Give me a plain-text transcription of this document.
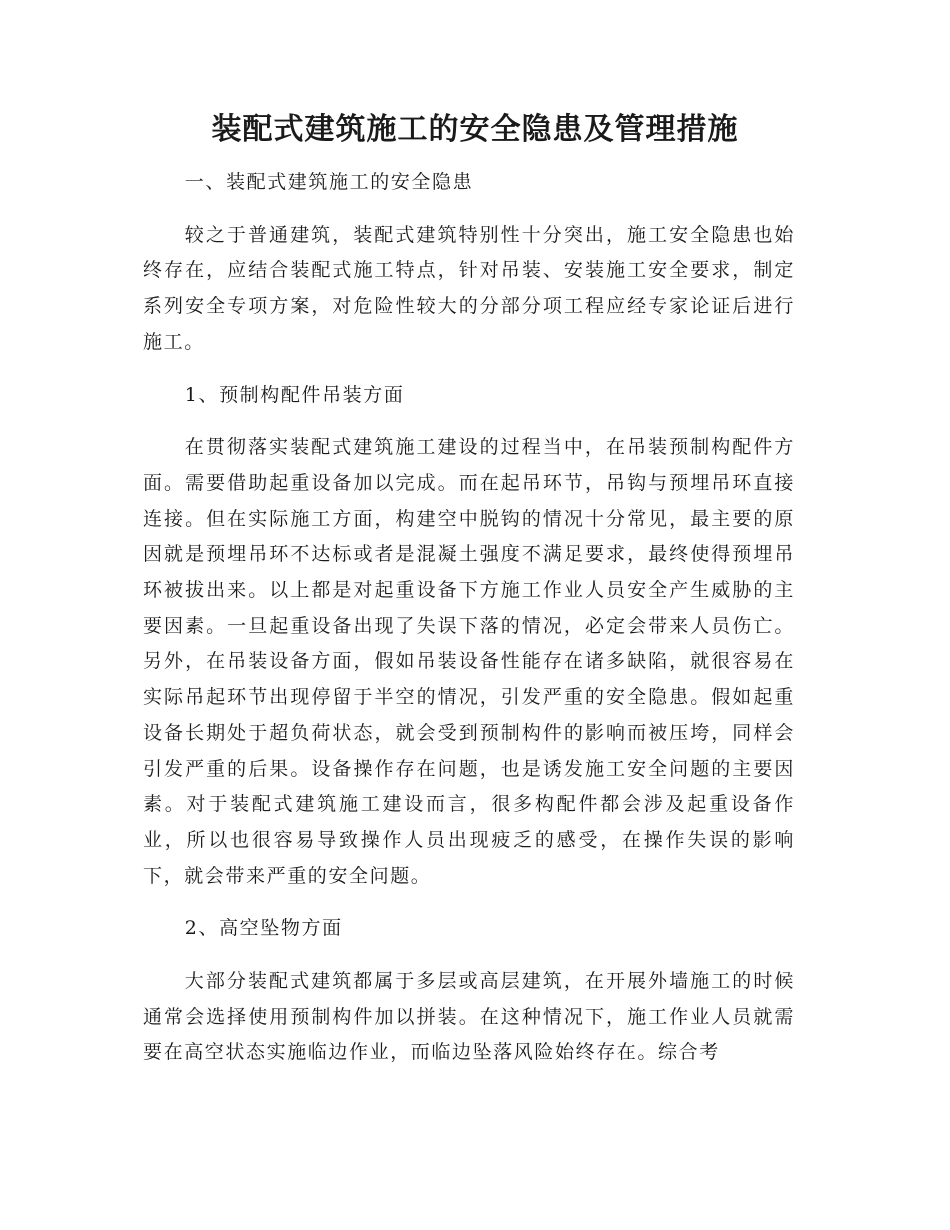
装配式建筑施工的安全隐患及管理措施

一、装配式建筑施工的安全隐患

较之于普通建筑，装配式建筑特别性十分突出，施工安全隐患也始终存在，应结合装配式施工特点，针对吊装、安装施工安全要求，制定系列安全专项方案，对危险性较大的分部分项工程应经专家论证后进行施工。

1、预制构配件吊装方面

在贯彻落实装配式建筑施工建设的过程当中，在吊装预制构配件方面。需要借助起重设备加以完成。而在起吊环节，吊钩与预埋吊环直接连接。但在实际施工方面，构建空中脱钩的情况十分常见，最主要的原因就是预埋吊环不达标或者是混凝土强度不满足要求，最终使得预埋吊环被拔出来。以上都是对起重设备下方施工作业人员安全产生威胁的主要因素。一旦起重设备出现了失误下落的情况，必定会带来人员伤亡。另外，在吊装设备方面，假如吊装设备性能存在诸多缺陷，就很容易在实际吊起环节出现停留于半空的情况，引发严重的安全隐患。假如起重设备长期处于超负荷状态，就会受到预制构件的影响而被压垮，同样会引发严重的后果。设备操作存在问题，也是诱发施工安全问题的主要因素。对于装配式建筑施工建设而言，很多构配件都会涉及起重设备作业，所以也很容易导致操作人员出现疲乏的感受，在操作失误的影响下，就会带来严重的安全问题。

2、高空坠物方面

大部分装配式建筑都属于多层或高层建筑，在开展外墙施工的时候通常会选择使用预制构件加以拼装。在这种情况下，施工作业人员就需要在高空状态实施临边作业，而临边坠落风险始终存在。综合考
